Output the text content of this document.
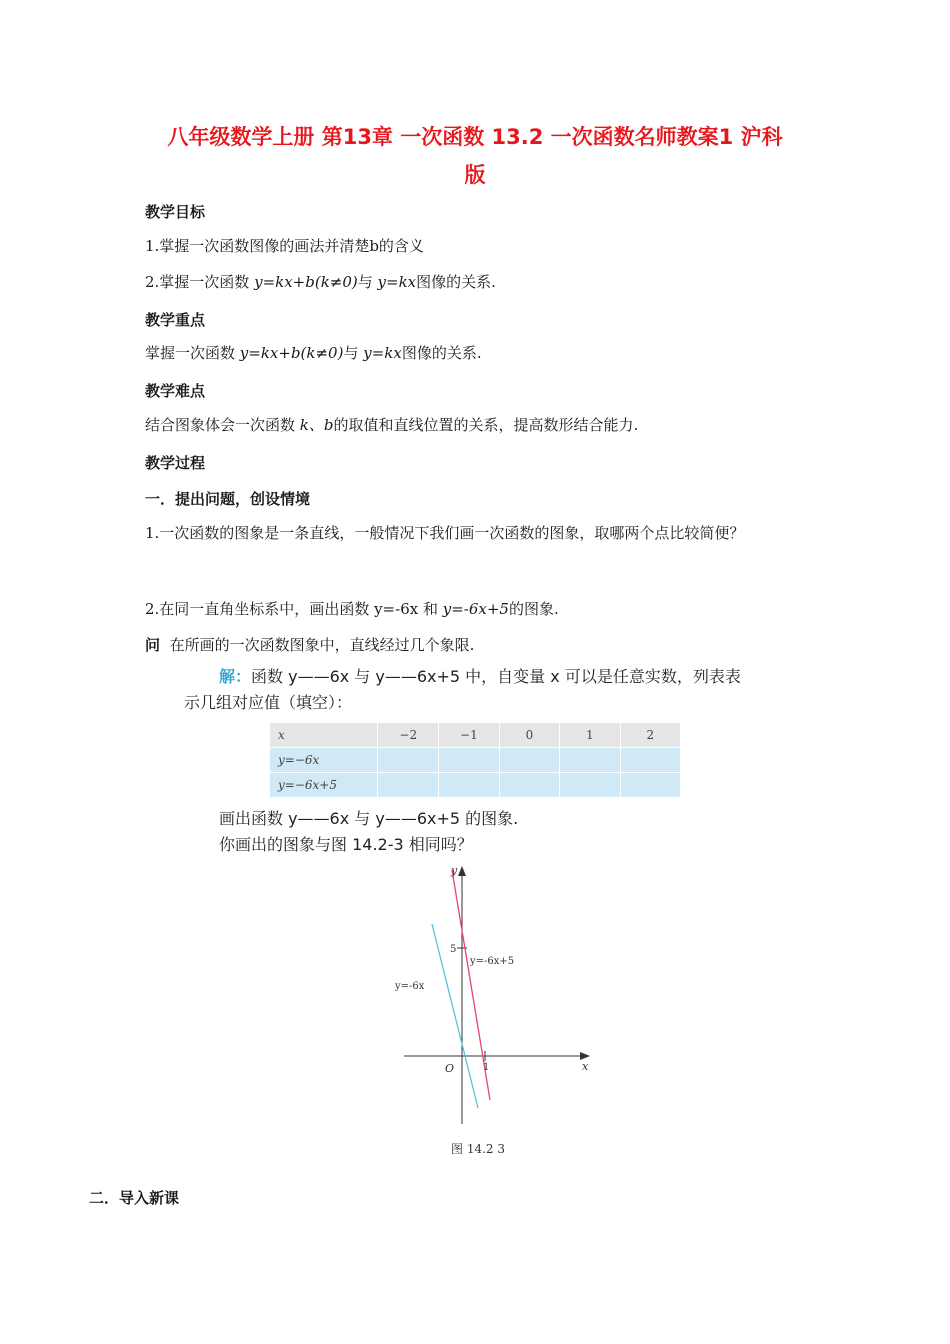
八年级数学上册 第13章 一次函数 13.2 一次函数名师教案1 沪科
版
教学目标
1.掌握一次函数图像的画法并清楚b的含义
2.掌握一次函数 y=kx+b(k≠0)与 y=kx图像的关系.
教学重点
掌握一次函数 y=kx+b(k≠0)与 y=kx图像的关系.
教学难点
结合图象体会一次函数 k、b的取值和直线位置的关系，提高数形结合能力.
教学过程
一．提出问题，创设情境
1.一次函数的图象是一条直线，一般情况下我们画一次函数的图象，取哪两个点比较简便？
2.在同一直角坐标系中，画出函数 y=-6x 和 y=-6x+5的图象.
问 在所画的一次函数图象中，直线经过几个象限.
解：函数 y——6x 与 y——6x+5 中，自变量 x 可以是任意实数，列表表
示几组对应值（填空）：
x	−2	−1	0	1	2
y=−6x					
y=−6x+5					
画出函数 y——6x 与 y——6x+5 的图象.
你画出的图象与图 14.2-3 相同吗？
y
x
O
5
1
y=-6x
y=-6x+5
图 14.2 3
二．导入新课
